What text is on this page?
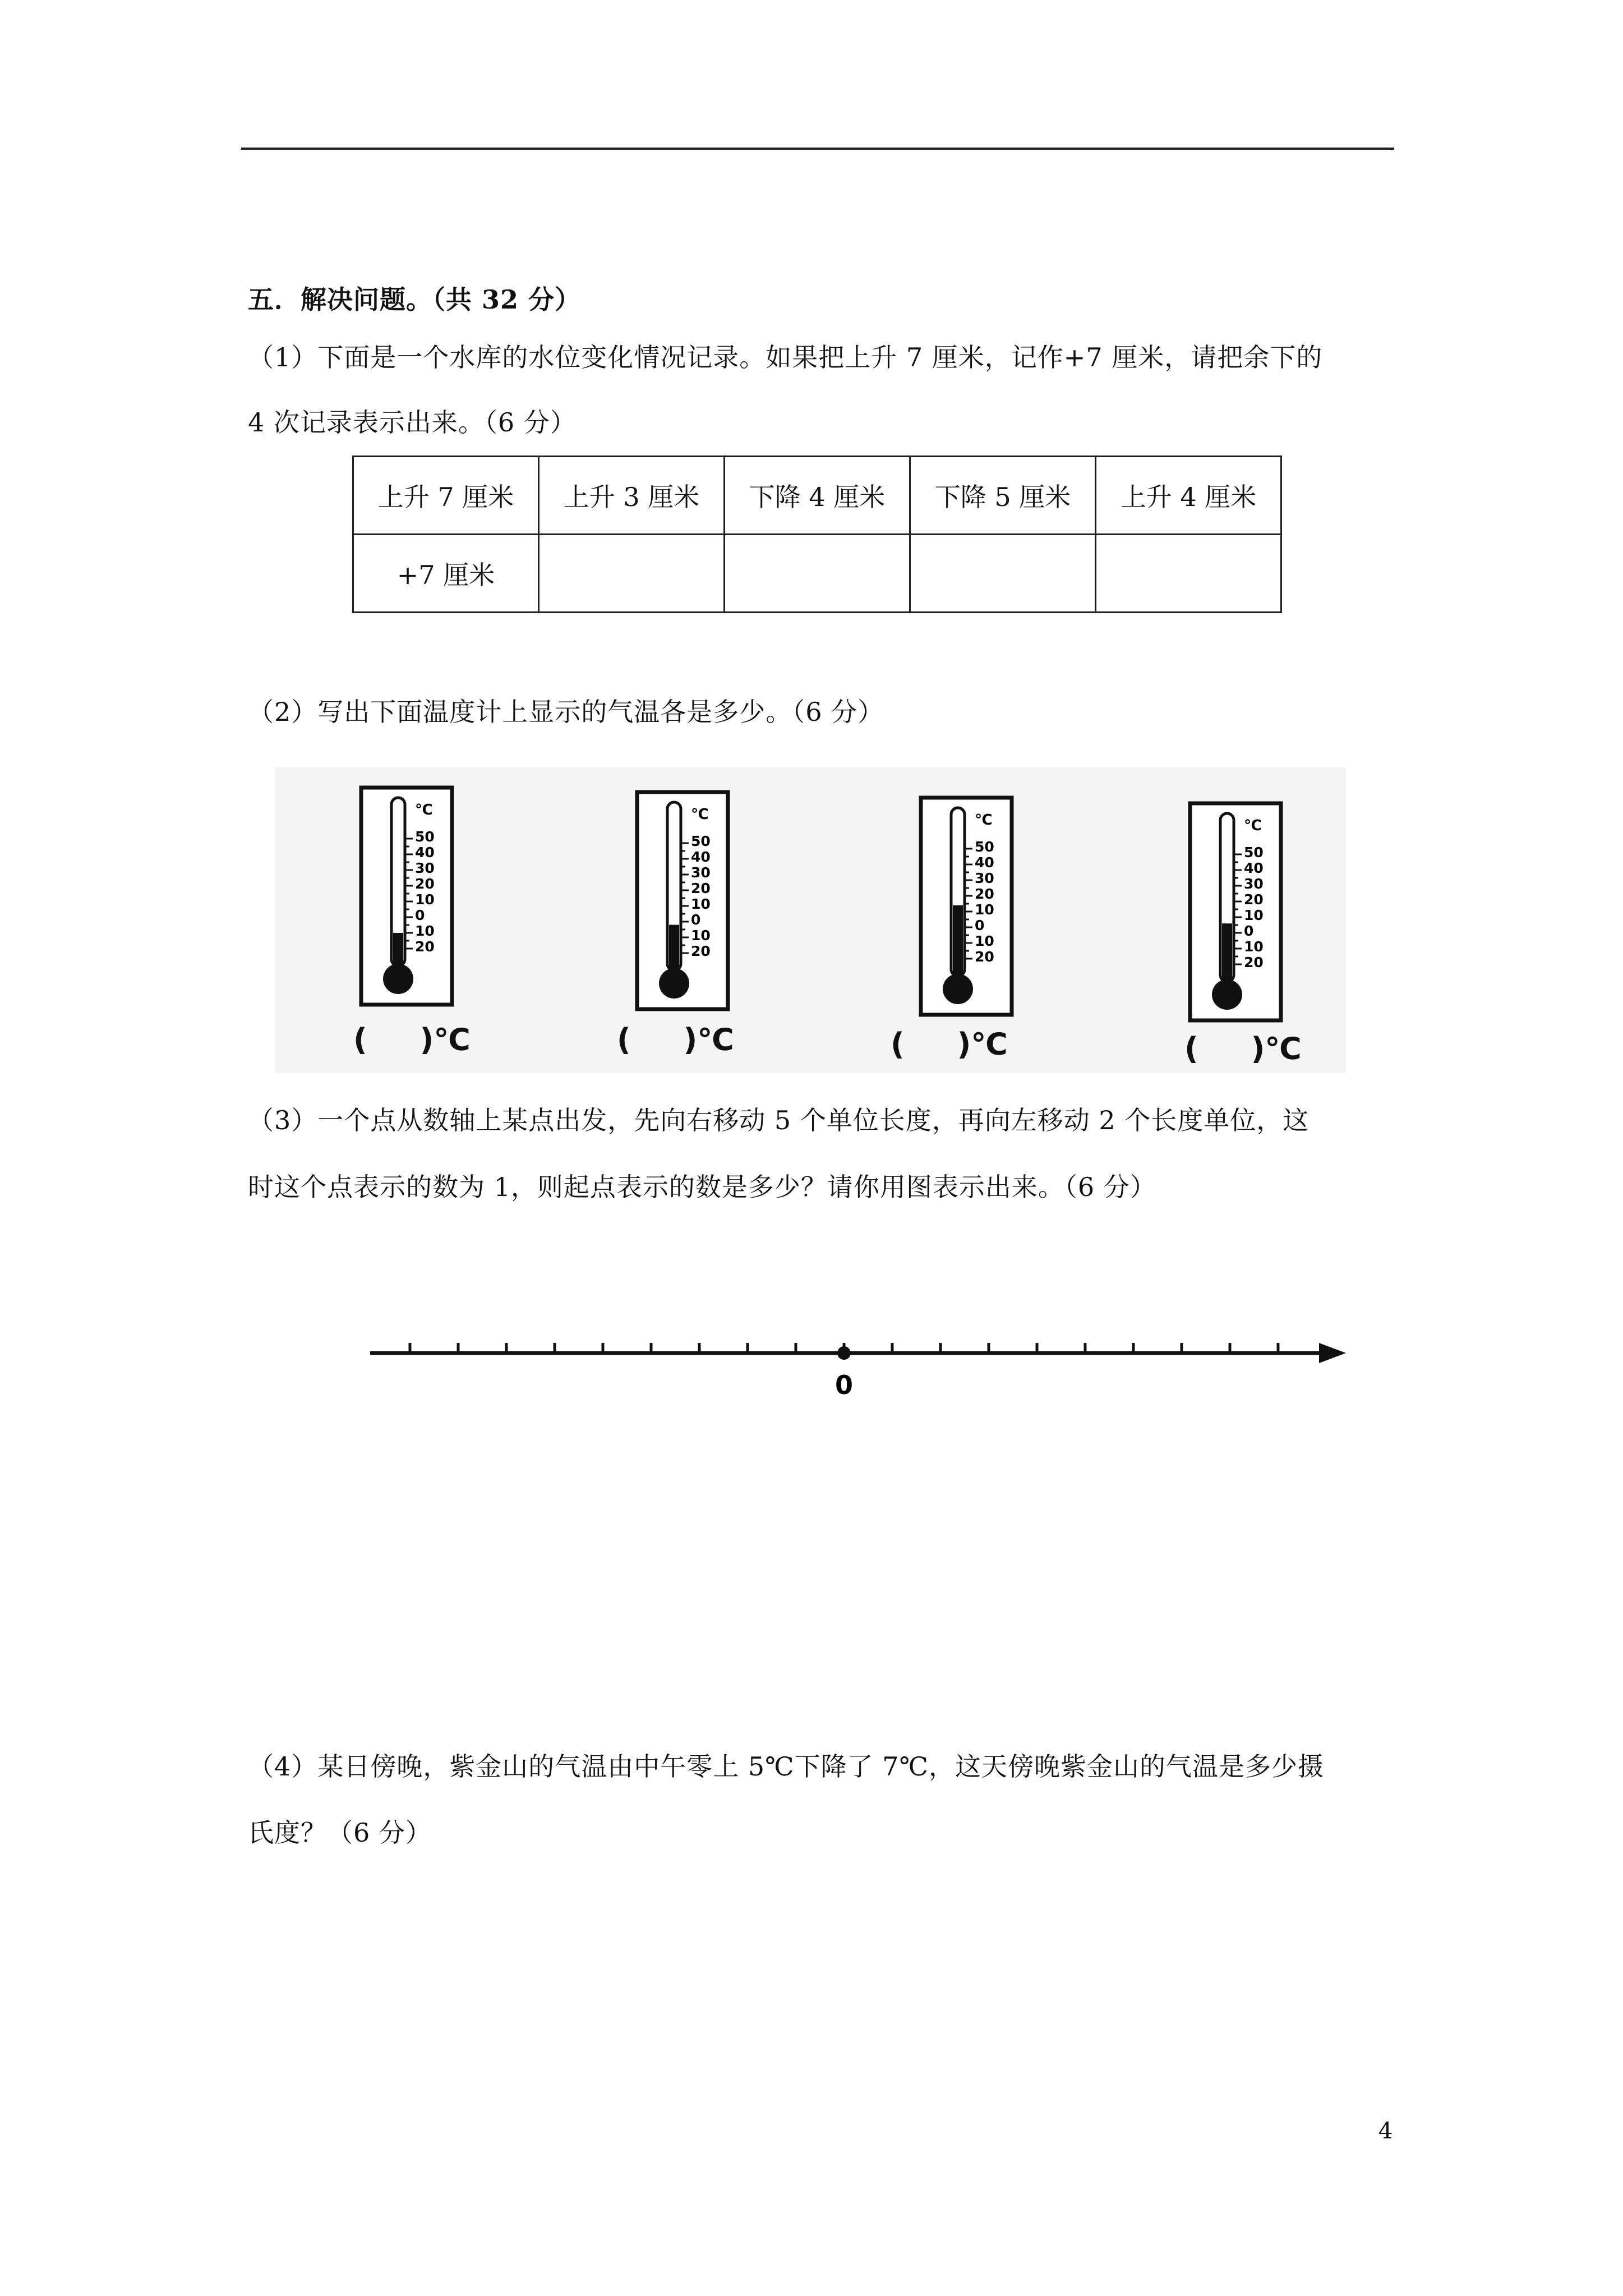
五．解决问题。（共 32 分）
（1）下面是一个水库的水位变化情况记录。如果把上升 7 厘米，记作+7 厘米，请把余下的
4 次记录表示出来。（6 分）
上升 7 厘米	上升 3 厘米	下降 4 厘米	下降 5 厘米	上升 4 厘米
+7 厘米				
（2）写出下面温度计上显示的气温各是多少。（6 分）
℃
50
40
30
20
10
0
10
20
℃
50
40
30
20
10
0
10
20
℃
50
40
30
20
10
0
10
20
℃
50
40
30
20
10
0
10
20
(     )℃	(     )℃	(     )℃	(     )℃
（3）一个点从数轴上某点出发，先向右移动 5 个单位长度，再向左移动 2 个长度单位，这
时这个点表示的数为 1，则起点表示的数是多少？请你用图表示出来。（6 分）
0
（4）某日傍晚，紫金山的气温由中午零上 5℃下降了 7℃，这天傍晚紫金山的气温是多少摄
氏度？（6 分）
4
